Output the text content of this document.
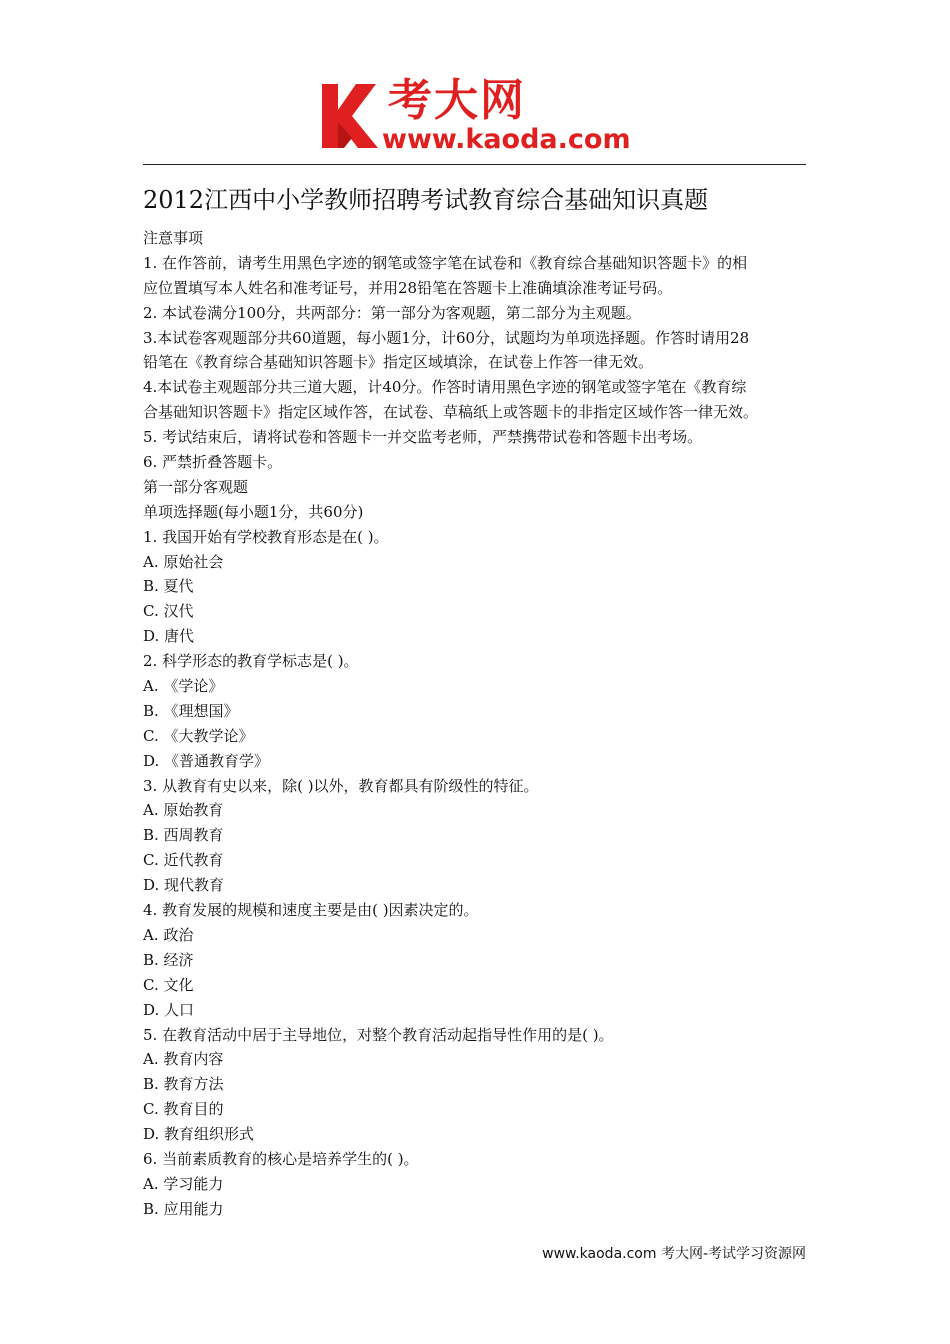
考大网
www.kaoda.com
2012江西中小学教师招聘考试教育综合基础知识真题
注意事项
1. 在作答前，请考生用黑色字迹的钢笔或签字笔在试卷和《教育综合基础知识答题卡》的相
应位置填写本人姓名和准考证号，并用28铅笔在答题卡上准确填涂准考证号码。
2. 本试卷满分100分，共两部分：第一部分为客观题，第二部分为主观题。
3.本试卷客观题部分共60道题，每小题1分，计60分，试题均为单项选择题。作答时请用28
铅笔在《教育综合基础知识答题卡》指定区域填涂，在试卷上作答一律无效。
4.本试卷主观题部分共三道大题，计40分。作答时请用黑色字迹的钢笔或签字笔在《教育综
合基础知识答题卡》指定区域作答，在试卷、草稿纸上或答题卡的非指定区域作答一律无效。
5. 考试结束后，请将试卷和答题卡一并交监考老师，严禁携带试卷和答题卡出考场。
6. 严禁折叠答题卡。
第一部分客观题
单项选择题(每小题1分，共60分)
1. 我国开始有学校教育形态是在( )。
A. 原始社会
B. 夏代
C. 汉代
D. 唐代
2. 科学形态的教育学标志是( )。
A. 《学论》
B. 《理想国》
C. 《大教学论》
D. 《普通教育学》
3. 从教育有史以来，除( )以外，教育都具有阶级性的特征。
A. 原始教育
B. 西周教育
C. 近代教育
D. 现代教育
4. 教育发展的规模和速度主要是由( )因素决定的。
A. 政治
B. 经济
C. 文化
D. 人口
5. 在教育活动中居于主导地位，对整个教育活动起指导性作用的是( )。
A. 教育内容
B. 教育方法
C. 教育目的
D. 教育组织形式
6. 当前素质教育的核心是培养学生的( )。
A. 学习能力
B. 应用能力
www.kaoda.com 考大网-考试学习资源网
